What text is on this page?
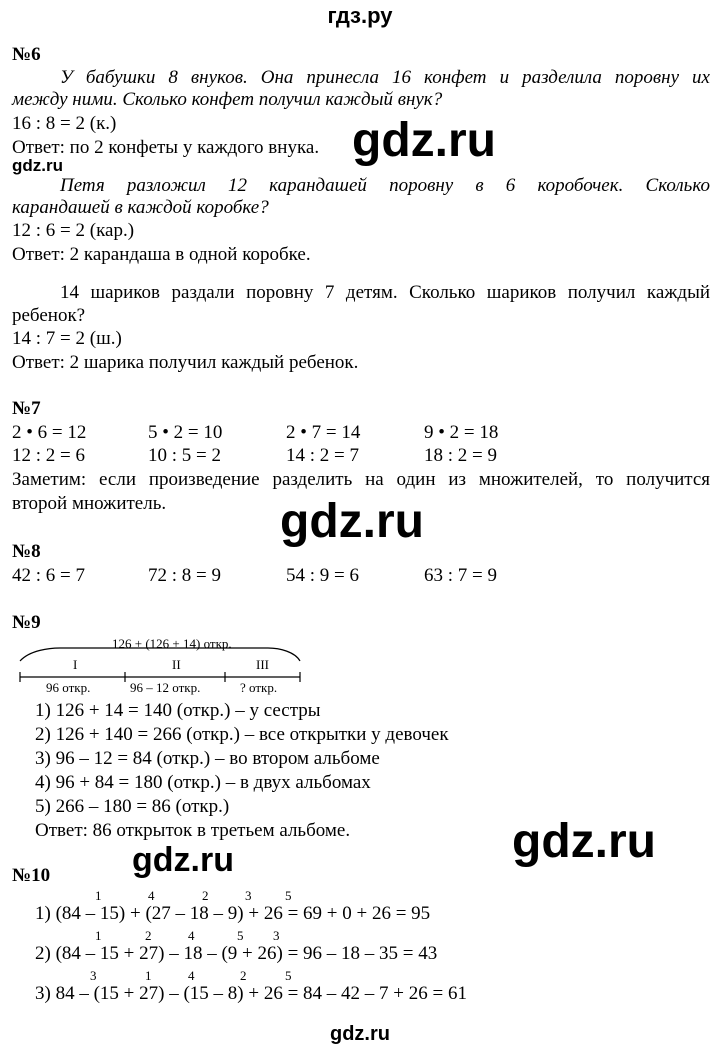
гдз.ру
gdz.ru
№6
У бабушки 8 внуков. Она принесла 16 конфет и разделила поровну их
между ними. Сколько конфет получил каждый внук?
16 : 8 = 2 (к.)
Ответ: по 2 конфеты у каждого внука.
Петя разложил 12 карандашей поровну в 6 коробочек. Сколько
карандашей в каждой коробке?
12 : 6 = 2 (кар.)
Ответ: 2 карандаша в одной коробке.
14 шариков раздали поровну 7 детям. Сколько шариков получил каждый
ребенок?
14 : 7 = 2 (ш.)
Ответ: 2 шарика получил каждый ребенок.
№7
2 • 6 = 12	5 • 2 = 10	2 • 7 = 14	9 • 2 = 18
12 : 2 = 6	10 : 5 = 2	14 : 2 = 7	18 : 2 = 9
Заметим: если произведение разделить на один из множителей, то получится
второй множитель.
№8
42 : 6 = 7	72 : 8 = 9	54 : 9 = 6	63 : 7 = 9
№9
126 + (126 + 14) откр.
I	II	III
96 откр.	96 – 12 откр.	? откр.
1) 126 + 14 = 140 (откр.) – у сестры
2) 126 + 140 = 266 (откр.) – все открытки у девочек
3) 96 – 12 = 84 (откр.) – во втором альбоме
4) 96 + 84 = 180 (откр.) – в двух альбомах
5) 266 – 180 = 86 (откр.)
Ответ: 86 открыток в третьем альбоме.
№10
1	4	2	3	5
1) (84 – 15) + (27 – 18 – 9) + 26 = 69 + 0 + 26 = 95
1	2	4	5 3
2) (84 – 15 + 27) – 18 – (9 + 26) = 96 – 18 – 35 = 43
3	1	4	2	5
3) 84 – (15 + 27) – (15 – 8) + 26 = 84 – 42 – 7 + 26 = 61
gdz.ru
gdz.ru
gdz.ru
gdz.ru
gdz.ru
